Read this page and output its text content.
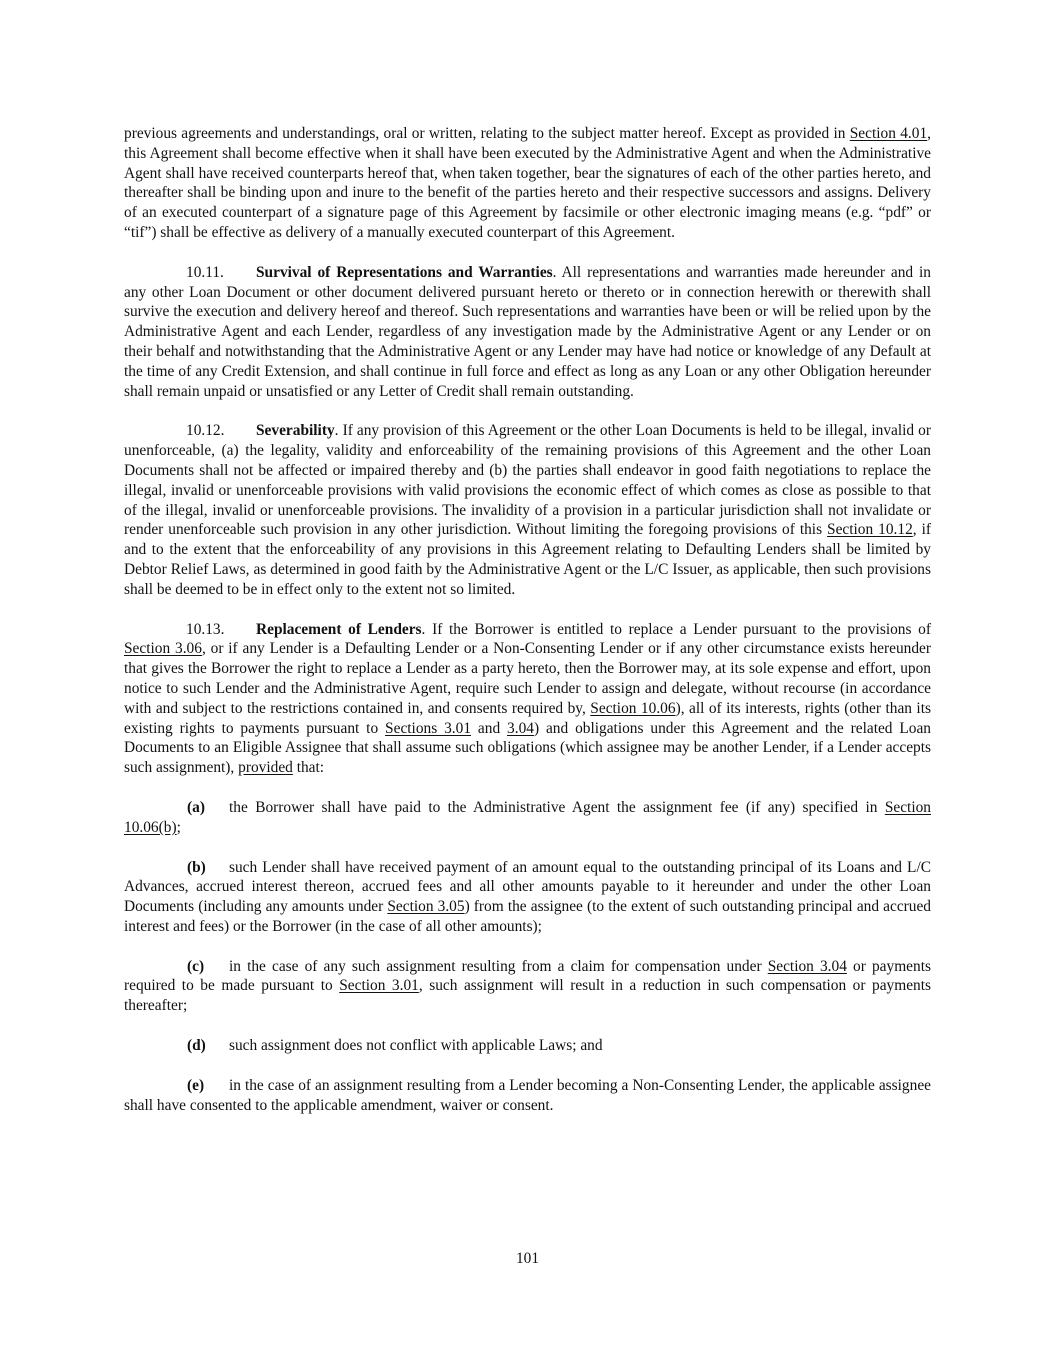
previous agreements and understandings, oral or written, relating to the subject matter hereof. Except as provided in Section 4.01, this Agreement shall become effective when it shall have been executed by the Administrative Agent and when the Administrative Agent shall have received counterparts hereof that, when taken together, bear the signatures of each of the other parties hereto, and thereafter shall be binding upon and inure to the benefit of the parties hereto and their respective successors and assigns. Delivery of an executed counterpart of a signature page of this Agreement by facsimile or other electronic imaging means (e.g. “pdf” or “tif”) shall be effective as delivery of a manually executed counterpart of this Agreement.

10.11. Survival of Representations and Warranties. All representations and warranties made hereunder and in any other Loan Document or other document delivered pursuant hereto or thereto or in connection herewith or therewith shall survive the execution and delivery hereof and thereof. Such representations and warranties have been or will be relied upon by the Administrative Agent and each Lender, regardless of any investigation made by the Administrative Agent or any Lender or on their behalf and notwithstanding that the Administrative Agent or any Lender may have had notice or knowledge of any Default at the time of any Credit Extension, and shall continue in full force and effect as long as any Loan or any other Obligation hereunder shall remain unpaid or unsatisfied or any Letter of Credit shall remain outstanding.

10.12. Severability. If any provision of this Agreement or the other Loan Documents is held to be illegal, invalid or unenforceable, (a) the legality, validity and enforceability of the remaining provisions of this Agreement and the other Loan Documents shall not be affected or impaired thereby and (b) the parties shall endeavor in good faith negotiations to replace the illegal, invalid or unenforceable provisions with valid provisions the economic effect of which comes as close as possible to that of the illegal, invalid or unenforceable provisions. The invalidity of a provision in a particular jurisdiction shall not invalidate or render unenforceable such provision in any other jurisdiction. Without limiting the foregoing provisions of this Section 10.12, if and to the extent that the enforceability of any provisions in this Agreement relating to Defaulting Lenders shall be limited by Debtor Relief Laws, as determined in good faith by the Administrative Agent or the L/C Issuer, as applicable, then such provisions shall be deemed to be in effect only to the extent not so limited.

10.13. Replacement of Lenders. If the Borrower is entitled to replace a Lender pursuant to the provisions of Section 3.06, or if any Lender is a Defaulting Lender or a Non-Consenting Lender or if any other circumstance exists hereunder that gives the Borrower the right to replace a Lender as a party hereto, then the Borrower may, at its sole expense and effort, upon notice to such Lender and the Administrative Agent, require such Lender to assign and delegate, without recourse (in accordance with and subject to the restrictions contained in, and consents required by, Section 10.06), all of its interests, rights (other than its existing rights to payments pursuant to Sections 3.01 and 3.04) and obligations under this Agreement and the related Loan Documents to an Eligible Assignee that shall assume such obligations (which assignee may be another Lender, if a Lender accepts such assignment), provided that:

(a) the Borrower shall have paid to the Administrative Agent the assignment fee (if any) specified in Section 10.06(b);

(b) such Lender shall have received payment of an amount equal to the outstanding principal of its Loans and L/C Advances, accrued interest thereon, accrued fees and all other amounts payable to it hereunder and under the other Loan Documents (including any amounts under Section 3.05) from the assignee (to the extent of such outstanding principal and accrued interest and fees) or the Borrower (in the case of all other amounts);

(c) in the case of any such assignment resulting from a claim for compensation under Section 3.04 or payments required to be made pursuant to Section 3.01, such assignment will result in a reduction in such compensation or payments thereafter;

(d) such assignment does not conflict with applicable Laws; and

(e) in the case of an assignment resulting from a Lender becoming a Non-Consenting Lender, the applicable assignee shall have consented to the applicable amendment, waiver or consent.

101
